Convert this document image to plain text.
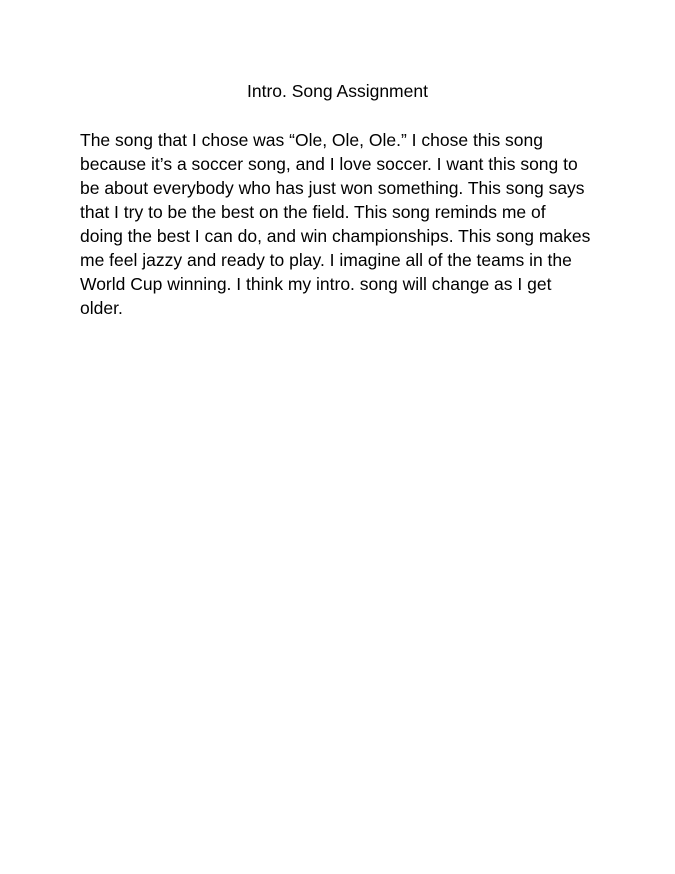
Intro. Song Assignment
The song that I chose was “Ole, Ole, Ole.” I chose this song
because it’s a soccer song, and I love soccer. I want this song to
be about everybody who has just won something. This song says
that I try to be the best on the field. This song reminds me of
doing the best I can do, and win championships. This song makes
me feel jazzy and ready to play. I imagine all of the teams in the
World Cup winning. I think my intro. song will change as I get
older.
